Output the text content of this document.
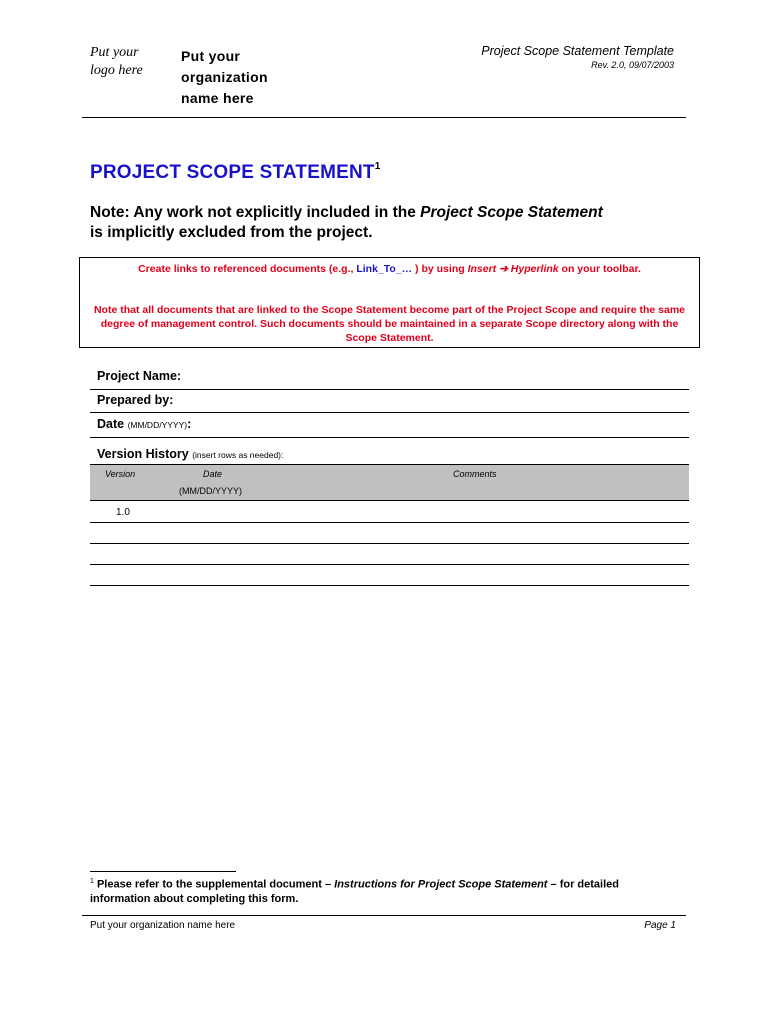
Put your
logo here
Put your
organization
name here
Project Scope Statement Template
Rev. 2.0, 09/07/2003
PROJECT SCOPE STATEMENT$^1$
Note: Any work not explicitly included in the Project Scope Statement
is implicitly excluded from the project.
Create links to referenced documents (e.g., Link_To_… ) by using Insert ➔ Hyperlink on your toolbar.
Note that all documents that are linked to the Scope Statement become part of the Project Scope and require the same degree of management control. Such documents should be maintained in a separate Scope directory along with the Scope Statement.
Project Name:
Prepared by:
Date (MM/DD/YYYY):
Version History (insert rows as needed):
Version	Date
(MM/DD/YYYY)
Comments
1.0
$^1$ Please refer to the supplemental document – Instructions for Project Scope Statement – for detailed information about completing this form.
Put your organization name here	Page 1
